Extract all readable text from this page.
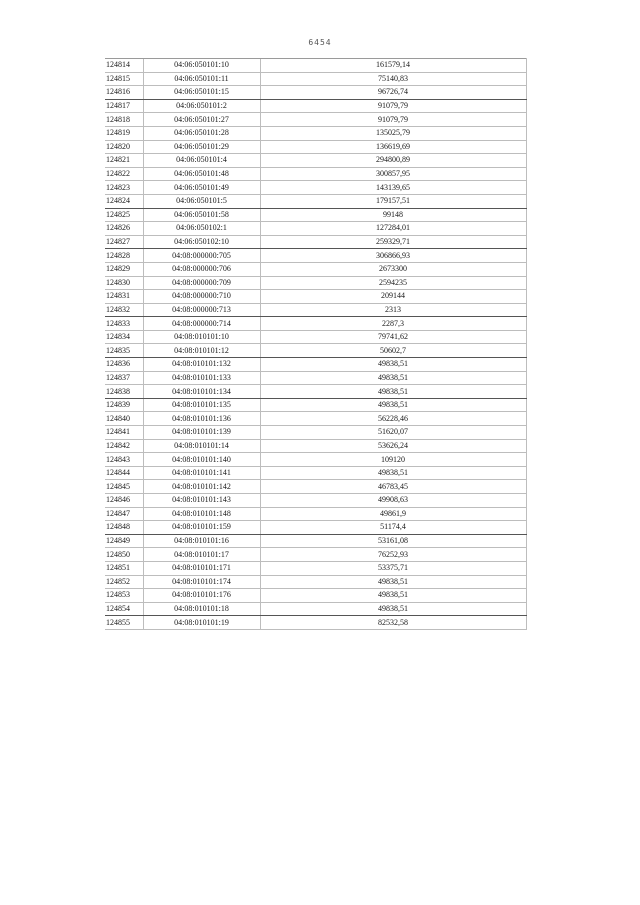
6454
124814	04:06:050101:10	161579,14
124815	04:06:050101:11	75140,83
124816	04:06:050101:15	96726,74
124817	04:06:050101:2	91079,79
124818	04:06:050101:27	91079,79
124819	04:06:050101:28	135025,79
124820	04:06:050101:29	136619,69
124821	04:06:050101:4	294800,89
124822	04:06:050101:48	300857,95
124823	04:06:050101:49	143139,65
124824	04:06:050101:5	179157,51
124825	04:06:050101:58	99148
124826	04:06:050102:1	127284,01
124827	04:06:050102:10	259329,71
124828	04:08:000000:705	306866,93
124829	04:08:000000:706	2673300
124830	04:08:000000:709	2594235
124831	04:08:000000:710	209144
124832	04:08:000000:713	2313
124833	04:08:000000:714	2287,3
124834	04:08:010101:10	79741,62
124835	04:08:010101:12	50602,7
124836	04:08:010101:132	49838,51
124837	04:08:010101:133	49838,51
124838	04:08:010101:134	49838,51
124839	04:08:010101:135	49838,51
124840	04:08:010101:136	56228,46
124841	04:08:010101:139	51620,07
124842	04:08:010101:14	53626,24
124843	04:08:010101:140	109120
124844	04:08:010101:141	49838,51
124845	04:08:010101:142	46783,45
124846	04:08:010101:143	49908,63
124847	04:08:010101:148	49861,9
124848	04:08:010101:159	51174,4
124849	04:08:010101:16	53161,08
124850	04:08:010101:17	76252,93
124851	04:08:010101:171	53375,71
124852	04:08:010101:174	49838,51
124853	04:08:010101:176	49838,51
124854	04:08:010101:18	49838,51
124855	04:08:010101:19	82532,58
